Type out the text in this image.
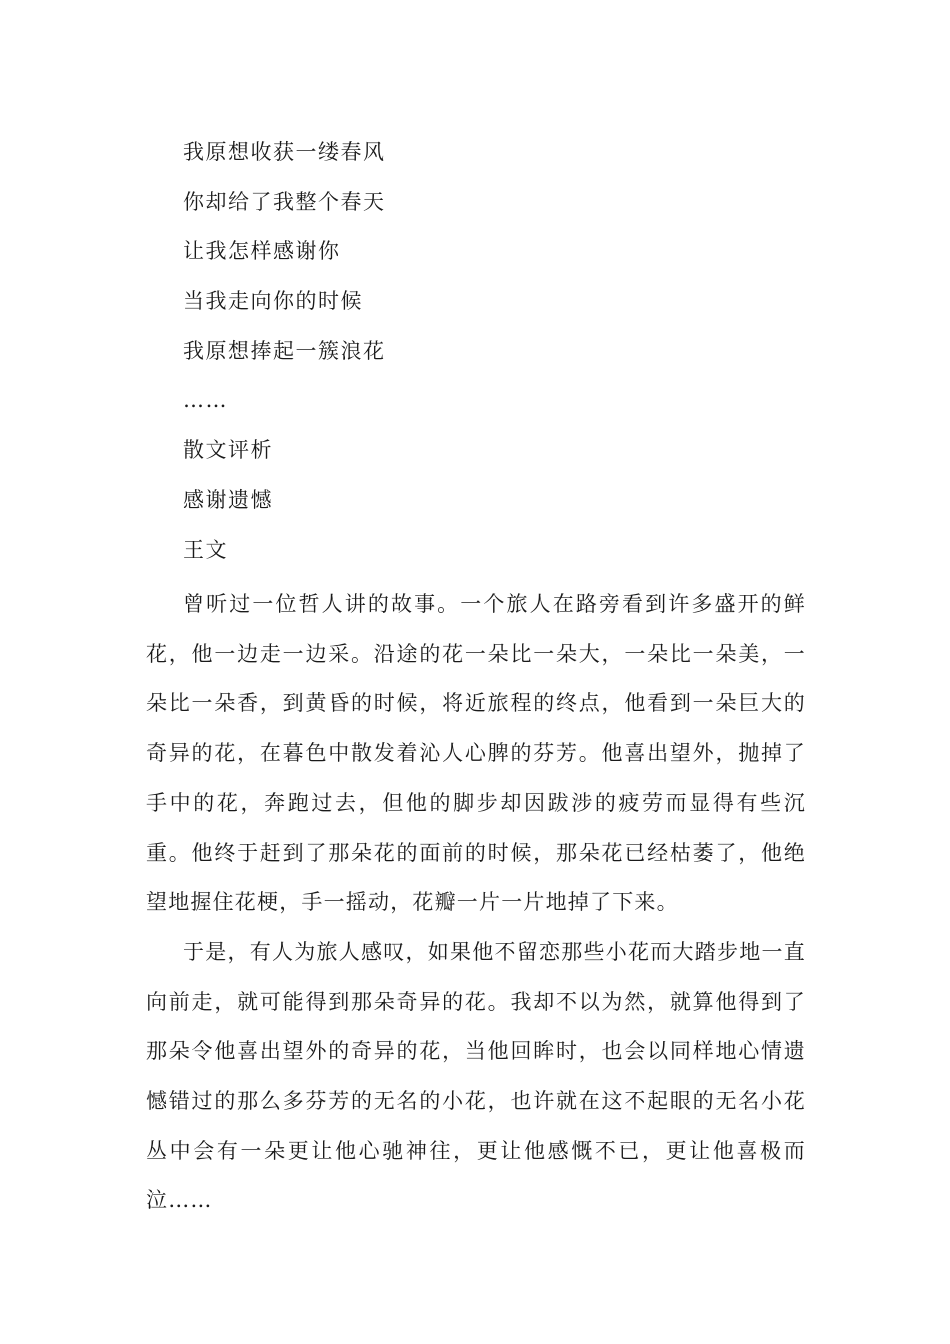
我原想收获一缕春风
你却给了我整个春天
让我怎样感谢你
当我走向你的时候
我原想捧起一簇浪花
……
散文评析
感谢遗憾
王文

曾听过一位哲人讲的故事。一个旅人在路旁看到许多盛开的鲜花，他一边走一边采。沿途的花一朵比一朵大，一朵比一朵美，一朵比一朵香，到黄昏的时候，将近旅程的终点，他看到一朵巨大的奇异的花，在暮色中散发着沁人心脾的芬芳。他喜出望外，抛掉了手中的花，奔跑过去，但他的脚步却因跋涉的疲劳而显得有些沉重。他终于赶到了那朵花的面前的时候，那朵花已经枯萎了，他绝望地握住花梗，手一摇动，花瓣一片一片地掉了下来。

于是，有人为旅人感叹，如果他不留恋那些小花而大踏步地一直向前走，就可能得到那朵奇异的花。我却不以为然，就算他得到了那朵令他喜出望外的奇异的花，当他回眸时，也会以同样地心情遗憾错过的那么多芬芳的无名的小花，也许就在这不起眼的无名小花丛中会有一朵更让他心驰神往，更让他感慨不已，更让他喜极而泣……
